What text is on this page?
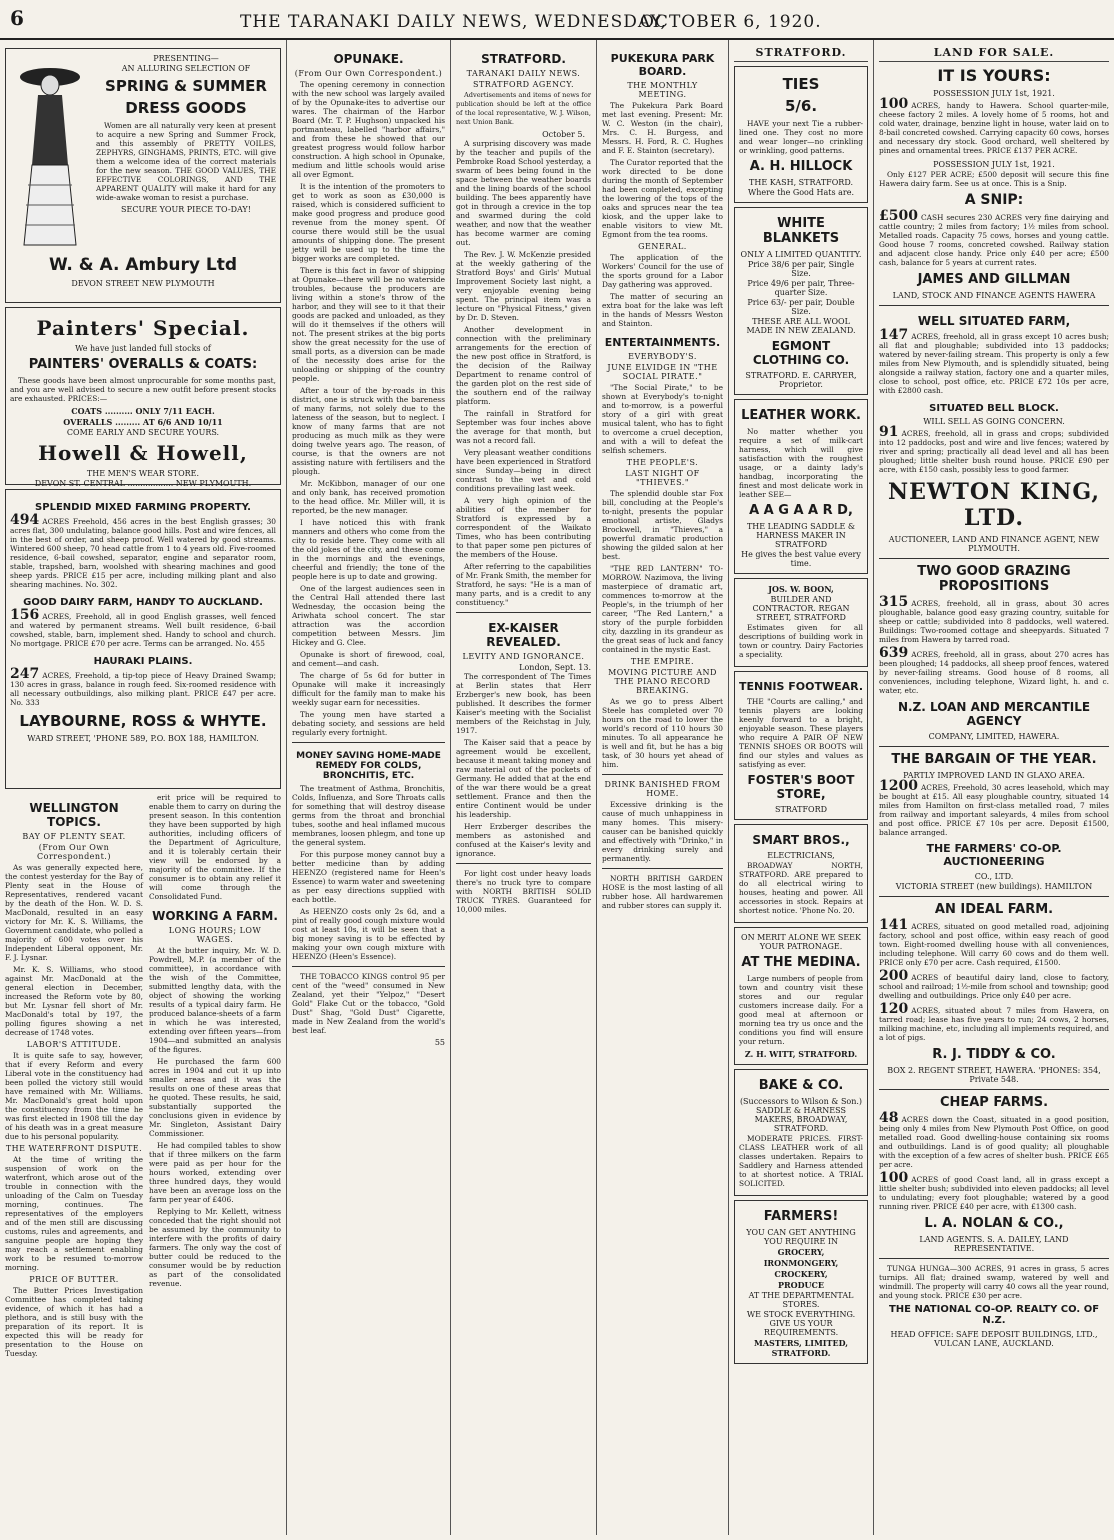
6	THE TARANAKI DAILY NEWS, WEDNESDAY,
OCTOBER 6, 1920.
PRESENTING—
AN ALLURING SELECTION OF
SPRING & SUMMER
DRESS GOODS

Women are all naturally very keen at present to acquire a new Spring and Summer Frock, and this assembly of PRETTY VOILES, ZEPHYRS, GINGHAMS, PRINTS, ETC. will give them a welcome idea of the correct materials for the new season. THE GOOD VALUES, THE EFFECTIVE COLORINGS, AND THE APPARENT QUALITY will make it hard for any wide-awake woman to resist a purchase.

SECURE YOUR PIECE TO-DAY!
W. & A. Ambury Ltd
DEVON STREET NEW PLYMOUTH
Painters' Special.
We have just landed full stocks of
PAINTERS' OVERALLS & COATS:

These goods have been almost unprocurable for some months past, and you are well advised to secure a new outfit before present stocks are exhausted. PRICES:—

COATS .......... ONLY 7/11 EACH.
OVERALLS ......... AT 6/6 AND 10/11
COME EARLY AND SECURE YOURS.
Howell & Howell,
THE MEN'S WEAR STORE.
DEVON ST. CENTRAL .................. NEW PLYMOUTH.
SPLENDID MIXED FARMING PROPERTY.
494 ACRES Freehold, 456 acres in the best English grasses; 30 acres flat, 300 undulating, balance good hills. Post and wire fences, all in the best of order, and sheep proof. Well watered by good streams. Wintered 600 sheep, 70 head cattle from 1 to 4 years old. Five-roomed residence, 6-bail cowshed, separator, engine and separator room, stable, trapshed, barn, woolshed with shearing machines and good sheep yards. PRICE £15 per acre, including milking plant and also shearing machines. No. 302.
GOOD DAIRY FARM, HANDY TO AUCKLAND.
156 ACRES, Freehold, all in good English grasses, well fenced and watered by permanent streams. Well built residence, 6-bail cowshed, stable, barn, implement shed. Handy to school and church. No mortgage. PRICE £70 per acre. Terms can be arranged. No. 455
HAURAKI PLAINS.
247 ACRES, Freehold, a tip-top piece of Heavy Drained Swamp; 130 acres in grass, balance in rough feed. Six-roomed residence with all necessary outbuildings, also milking plant. PRICE £47 per acre. No. 333
LAYBOURNE, ROSS & WHYTE.
WARD STREET, 'PHONE 589, P.O. BOX 188, HAMILTON.
WELLINGTON TOPICS.
BAY OF PLENTY SEAT.
(From Our Own Correspondent.)

As was generally expected here, the contest yesterday for the Bay of Plenty seat in the House of Representatives, rendered vacant by the death of the Hon. W. D. S. MacDonald, resulted in an easy victory for Mr. K. S. Williams, the Government candidate, who polled a majority of 600 votes over his Independent Liberal opponent, Mr. F. J. Lysnar.

Mr. K. S. Williams, who stood against Mr. MacDonald at the general election in December, increased the Reform vote by 80, but Mr. Lysnar fell short of Mr. MacDonald's total by 197, the polling figures showing a net decrease of 1748 votes.

LABOR'S ATTITUDE.

It is quite safe to say, however, that if every Reform and every Liberal vote in the constituency had been polled the victory still would have remained with Mr. Williams. Mr. MacDonald's great hold upon the constituency from the time he was first elected in 1908 till the day of his death was in a great measure due to his personal popularity.

THE WATERFRONT DISPUTE.

At the time of writing the suspension of work on the waterfront, which arose out of the trouble in connection with the unloading of the Calm on Tuesday morning, continues. The representatives of the employers and of the men still are discussing customs, rules and agreements, and sanguine people are hoping they may reach a settlement enabling work to be resumed to-morrow morning.

PRICE OF BUTTER.

The Butter Prices Investigation Committee has completed taking evidence, of which it has had a plethora, and is still busy with the preparation of its report. It is expected this will be ready for presentation to the House on Tuesday.

erit price will be required to enable them to carry on during the present season. In this contention they have been supported by high authorities, including officers of the Department of Agriculture, and it is tolerably certain their view will be endorsed by a majority of the committee. If the consumer is to obtain any relief it will come through the Consolidated Fund.

WORKING A FARM.
LONG HOURS; LOW WAGES.

At the butter inquiry, Mr. W. D. Powdrell, M.P. (a member of the committee), in accordance with the wish of the Committee, submitted lengthy data, with the object of showing the working results of a typical dairy farm. He produced balance-sheets of a farm in which he was interested, extending over fifteen years—from 1904—and submitted an analysis of the figures.

He purchased the farm 600 acres in 1904 and cut it up into smaller areas and it was the results on one of these areas that he quoted. These results, he said, substantially supported the conclusions given in evidence by Mr. Singleton, Assistant Dairy Commissioner.

He had compiled tables to show that if three milkers on the farm were paid as per hour for the hours worked, extending over three hundred days, they would have been an average loss on the farm per year of £406.

Replying to Mr. Kellett, witness conceded that the right should not be assumed by the community to interfere with the profits of dairy farmers. The only way the cost of butter could be reduced to the consumer would be by reduction as part of the consolidated revenue.

OPUNAKE.
(From Our Own Correspondent.)

The opening ceremony in connection with the new school was largely availed of by the Opunake-ites to advertise our wares. The chairman of the Harbor Board (Mr. T. P. Hughson) unpacked his portmanteau, labelled "harbor affairs," and from these he showed that our greatest progress would follow harbor construction. A high school in Opunake, medium and little schools would arise all over Egmont.

It is the intention of the promoters to get to work as soon as £30,000 is raised, which is considered sufficient to make good progress and produce good revenue from the money spent. Of course there would still be the usual amounts of shipping done. The present jetty will be used up to the time the bigger works are completed.

There is this fact in favor of shipping at Opunake—there will be no waterside troubles, because the producers are living within a stone's throw of the harbor, and they will see to it that their goods are packed and unloaded, as they will do it themselves if the others will not. The present strikes at the big ports show the great necessity for the use of small ports, as a diversion can be made of the necessity does arise for the unloading or shipping of the country people.

After a tour of the by-roads in this district, one is struck with the bareness of many farms, not solely due to the lateness of the season, but to neglect. I know of many farms that are not producing as much milk as they were doing twelve years ago. The reason, of course, is that the owners are not assisting nature with fertilisers and the plough.

Mr. McKibbon, manager of our one and only bank, has received promotion to the head office. Mr. Miller will, it is reported, be the new manager.

I have noticed this with frank manners and others who come from the city to reside here. They come with all the old jokes of the city, and these come in the mornings and the evenings, cheerful and friendly; the tone of the people here is up to date and growing.

One of the largest audiences seen in the Central Hall attended there last Wednesday, the occasion being the Ariwhata school concert. The star attraction was the accordion competition between Messrs. Jim Hickey and G. Clee.

Opunake is short of firewood, coal, and cement—and cash.

The charge of 5s 6d for butter in Opunake will make it increasingly difficult for the family man to make his weekly sugar earn for necessities.

The young men have started a debating society, and sessions are held regularly every fortnight.

MONEY SAVING HOME-MADE REMEDY FOR COLDS, BRONCHITIS, ETC.

The treatment of Asthma, Bronchitis, Colds, Influenza, and Sore Throats calls for something that will destroy disease germs from the throat and bronchial tubes, soothe and heal inflamed mucous membranes, loosen phlegm, and tone up the general system.

For this purpose money cannot buy a better medicine than by adding HEENZO (registered name for Heen's Essence) to warm water and sweetening as per easy directions supplied with each bottle.

As HEENZO costs only 2s 6d, and a pint of really good cough mixture would cost at least 10s, it will be seen that a big money saving is to be effected by making your own cough mixture with HEENZO (Heen's Essence).

THE TOBACCO KINGS control 95 per cent of the "weed" consumed in New Zealand, yet their "Yelpoz," "Desert Gold" Flake Cut or the tobacco, "Gold Dust" Shag, "Gold Dust" Cigarette, made in New Zealand from the world's best leaf.

55
STRATFORD.
TARANAKI DAILY NEWS.
STRATFORD AGENCY.

Advertisements and items of news for publication should be left at the office of the local representative, W. J. Wilson, next Union Bank.

October 5.

A surprising discovery was made by the teacher and pupils of the Pembroke Road School yesterday, a swarm of bees being found in the space between the weather boards and the lining boards of the school building. The bees apparently have got in through a crevice in the top and swarmed during the cold weather, and now that the weather has become warmer are coming out.

The Rev. J. W. McKenzie presided at the weekly gathering of the Stratford Boys' and Girls' Mutual Improvement Society last night, a very enjoyable evening being spent. The principal item was a lecture on "Physical Fitness," given by Dr. D. Steven.

Another development in connection with the preliminary arrangements for the erection of the new post office in Stratford, is the decision of the Railway Department to rename control of the garden plot on the rest side of the southern end of the railway platform.

The rainfall in Stratford for September was four inches above the average for that month, but was not a record fall.

Very pleasant weather conditions have been experienced in Stratford since Sunday—being in direct contrast to the wet and cold conditions prevailing last week.

A very high opinion of the abilities of the member for Stratford is expressed by a correspondent of the Waikato Times, who has been contributing to that paper some pen pictures of the members of the House.

After referring to the capabilities of Mr. Frank Smith, the member for Stratford, he says: "He is a man of many parts, and is a credit to any constituency."

EX-KAISER REVEALED.
LEVITY AND IGNORANCE.
London, Sept. 13.

The correspondent of The Times at Berlin states that Herr Erzberger's new book, has been published. It describes the former Kaiser's meeting with the Socialist members of the Reichstag in July, 1917.

The Kaiser said that a peace by agreement would be excellent, because it meant taking money and raw material out of the pockets of Germany. He added that at the end of the war there would be a great settlement. France and then the entire Continent would be under his leadership.

Herr Erzberger describes the members as astonished and confused at the Kaiser's levity and ignorance.

For light cost under heavy loads there's no truck tyre to compare with NORTH BRITISH SOLID TRUCK TYRES. Guaranteed for 10,000 miles.

PUKEKURA PARK BOARD.
THE MONTHLY MEETING.

The Pukekura Park Board met last evening. Present: Mr. W. C. Weston (in the chair), Mrs. C. H. Burgess, and Messrs. H. Ford, R. C. Hughes and F. E. Stainton (secretary).

The Curator reported that the work directed to be done during the month of September had been completed, excepting the lowering of the tops of the oaks and spruces near the tea kiosk, and the upper lake to enable visitors to view Mt. Egmont from the tea rooms.

GENERAL.

The application of the Workers' Council for the use of the sports ground for a Labor Day gathering was approved.

The matter of securing an extra boat for the lake was left in the hands of Messrs Weston and Stainton.

ENTERTAINMENTS.
EVERYBODY'S.
JUNE ELVIDGE IN "THE SOCIAL PIRATE."

"The Social Pirate," to be shown at Everybody's to-night and to-morrow, is a powerful story of a girl with great musical talent, who has to fight to overcome a cruel deception, and with a will to defeat the selfish schemers.

THE PEOPLE'S.
LAST NIGHT OF "THIEVES."

The splendid double star Fox bill, concluding at the People's to-night, presents the popular emotional artiste, Gladys Brockwell, in "Thieves," a powerful dramatic production showing the gilded salon at her best.

"THE RED LANTERN" TO-MORROW. Nazimova, the living masterpiece of dramatic art, commences to-morrow at the People's, in the triumph of her career, "The Red Lantern," a story of the purple forbidden city, dazzling in its grandeur as the great seas of luck and fancy contained in the mystic East.

THE EMPIRE.
MOVING PICTURE AND THE PIANO RECORD BREAKING.

As we go to press Albert Steele has completed over 70 hours on the road to lower the world's record of 110 hours 30 minutes. To all appearance he is well and fit, but he has a big task, of 30 hours yet ahead of him.

DRINK BANISHED FROM HOME.

Excessive drinking is the cause of much unhappiness in many homes. This misery-causer can be banished quickly and effectively with "Drinko," in every drinking surely and permanently.

NORTH BRITISH GARDEN HOSE is the most lasting of all rubber hose. All hardwaremen and rubber stores can supply it.

STRATFORD.
TIES
5/6.

HAVE your next Tie a rubber-lined one. They cost no more and wear longer—no crinkling or wrinkling, good patterns.

A. H. HILLOCK
THE KASH, STRATFORD.
Where the Good Hats are.
WHITE BLANKETS
ONLY A LIMITED QUANTITY.
Price 38/6 per pair, Single Size.
Price 49/6 per pair, Three-quarter Size.
Price 63/- per pair, Double Size.
THESE ARE ALL WOOL MADE IN NEW ZEALAND.
EGMONT CLOTHING CO.
STRATFORD. E. CARRYER, Proprietor.
LEATHER WORK.

No matter whether you require a set of milk-cart harness, which will give satisfaction with the roughest usage, or a dainty lady's handbag, incorporating the finest and most delicate work in leather SEE—

A A G A A R D,
THE LEADING SADDLE & HARNESS MAKER IN STRATFORD
He gives the best value every time.
JOS. W. BOON,
BUILDER AND CONTRACTOR. REGAN STREET, STRATFORD

Estimates given for all descriptions of building work in town or country. Dairy Factories a speciality.

TENNIS FOOTWEAR.

THE "Courts are calling," and tennis players are looking keenly forward to a bright, enjoyable season. These players who require A PAIR OF NEW TENNIS SHOES OR BOOTS will find our styles and values as satisfying as ever.

FOSTER'S BOOT STORE,
STRATFORD
SMART BROS.,
ELECTRICIANS,

BROADWAY NORTH, STRATFORD. ARE prepared to do all electrical wiring to houses, heating and power. All accessories in stock. Repairs at shortest notice. 'Phone No. 20.

ON MERIT ALONE WE SEEK YOUR PATRONAGE.
AT THE MEDINA.

Large numbers of people from town and country visit these stores and our regular customers increase daily. For a good meal at afternoon or morning tea try us once and the conditions you find will ensure your return.

Z. H. WITT, STRATFORD.
BAKE & CO.
(Successors to Wilson & Son.) SADDLE & HARNESS MAKERS, BROADWAY, STRATFORD.

MODERATE PRICES. FIRST-CLASS LEATHER work of all classes undertaken. Repairs to Saddlery and Harness attended to at shortest notice. A TRIAL SOLICITED.

FARMERS!
YOU CAN GET ANYTHING YOU REQUIRE IN
GROCERY,
IRONMONGERY,
CROCKERY,
PRODUCE
AT THE DEPARTMENTAL STORES.
WE STOCK EVERYTHING. GIVE US YOUR REQUIREMENTS.
MASTERS, LIMITED, STRATFORD.
LAND FOR SALE.
IT IS YOURS:
POSSESSION JULY 1st, 1921.
100 ACRES, handy to Hawera. School quarter-mile, cheese factory 2 miles. A lovely home of 5 rooms, hot and cold water, drainage, benzine light in house, water laid on to 8-bail concreted cowshed. Carrying capacity 60 cows, horses and necessary dry stock. Good orchard, well sheltered by pines and ornamental trees. PRICE £137 PER ACRE.
POSSESSION JULY 1st, 1921.

Only £127 PER ACRE; £500 deposit will secure this fine Hawera dairy farm. See us at once. This is a Snip.

A SNIP:
£500 CASH secures 230 ACRES very fine dairying and cattle country; 2 miles from factory; 1½ miles from school. Metalled roads. Capacity 75 cows, horses and young cattle. Good house 7 rooms, concreted cowshed. Railway station and adjacent close handy. Price only £40 per acre; £500 cash, balance for 5 years at current rates.
JAMES AND GILLMAN
LAND, STOCK AND FINANCE AGENTS HAWERA
WELL SITUATED FARM,
147 ACRES, freehold, all in grass except 10 acres bush; all flat and ploughable; subdivided into 13 paddocks; watered by never-failing stream. This property is only a few miles from New Plymouth, and is splendidly situated, being alongside a railway station, factory one and a quarter miles, close to school, post office, etc. PRICE £72 10s per acre, with £2800 cash.
SITUATED BELL BLOCK.
WILL SELL AS GOING CONCERN.
91 ACRES, freehold, all in grass and crops; subdivided into 12 paddocks, post and wire and live fences; watered by river and spring; practically all dead level and all has been ploughed; little shelter bush round house. PRICE £90 per acre, with £150 cash, possibly less to good farmer.
NEWTON KING, LTD.
AUCTIONEER, LAND AND FINANCE AGENT, NEW PLYMOUTH.
TWO GOOD GRAZING PROPOSITIONS
315 ACRES, freehold, all in grass, about 30 acres ploughable, balance good easy grazing country, suitable for sheep or cattle; subdivided into 8 paddocks, well watered. Buildings: Two-roomed cottage and sheepyards. Situated 7 miles from Hawera by tarred road.
639 ACRES, freehold, all in grass, about 270 acres has been ploughed; 14 paddocks, all sheep proof fences, watered by never-failing streams. Good house of 8 rooms, all conveniences, including telephone, Wizard light, h. and c. water, etc.
N.Z. LOAN AND MERCANTILE AGENCY
COMPANY, LIMITED, HAWERA.
THE BARGAIN OF THE YEAR.
PARTLY IMPROVED LAND IN GLAXO AREA.
1200 ACRES, Freehold, 30 acres leasehold, which may be bought at £15. All easy ploughable country, situated 14 miles from Hamilton on first-class metalled road, 7 miles from railway and important saleyards, 4 miles from school and post office. PRICE £7 10s per acre. Deposit £1500, balance arranged.
THE FARMERS' CO-OP. AUCTIONEERING
CO., LTD.
VICTORIA STREET (new buildings). HAMILTON
AN IDEAL FARM.
141 ACRES, situated on good metalled road, adjoining factory, school and post office, within easy reach of good town. Eight-roomed dwelling house with all conveniences, including telephone. Will carry 60 cows and do them well. PRICE only £70 per acre. Cash required, £1500.
200 ACRES of beautiful dairy land, close to factory, school and railroad; 1½-mile from school and township; good dwelling and outbuildings. Price only £40 per acre.
120 ACRES, situated about 7 miles from Hawera, on tarred road; lease has five years to run; 24 cows, 2 horses, milking machine, etc, including all implements required, and a lot of pigs.
R. J. TIDDY & CO.
BOX 2. REGENT STREET, HAWERA. 'PHONES: 354, Private 548.
CHEAP FARMS.
48 ACRES down the Coast, situated in a good position, being only 4 miles from New Plymouth Post Office, on good metalled road. Good dwelling-house containing six rooms and outbuildings. Land is of good quality; all ploughable with the exception of a few acres of shelter bush. PRICE £65 per acre.
100 ACRES of good Coast land, all in grass except a little shelter bush; subdivided into eleven paddocks; all level to undulating; every foot ploughable; watered by a good running river. PRICE £40 per acre, with £1300 cash.
L. A. NOLAN & CO.,
LAND AGENTS. S. A. DAILEY, LAND REPRESENTATIVE.

TUNGA HUNGA—300 ACRES, 91 acres in grass, 5 acres turnips. All flat; drained swamp, watered by well and windmill. The property will carry 40 cows all the year round, and young stock. PRICE £30 per acre.

THE NATIONAL CO-OP. REALTY CO. OF N.Z.
HEAD OFFICE: SAFE DEPOSIT BUILDINGS, LTD., VULCAN LANE, AUCKLAND.
